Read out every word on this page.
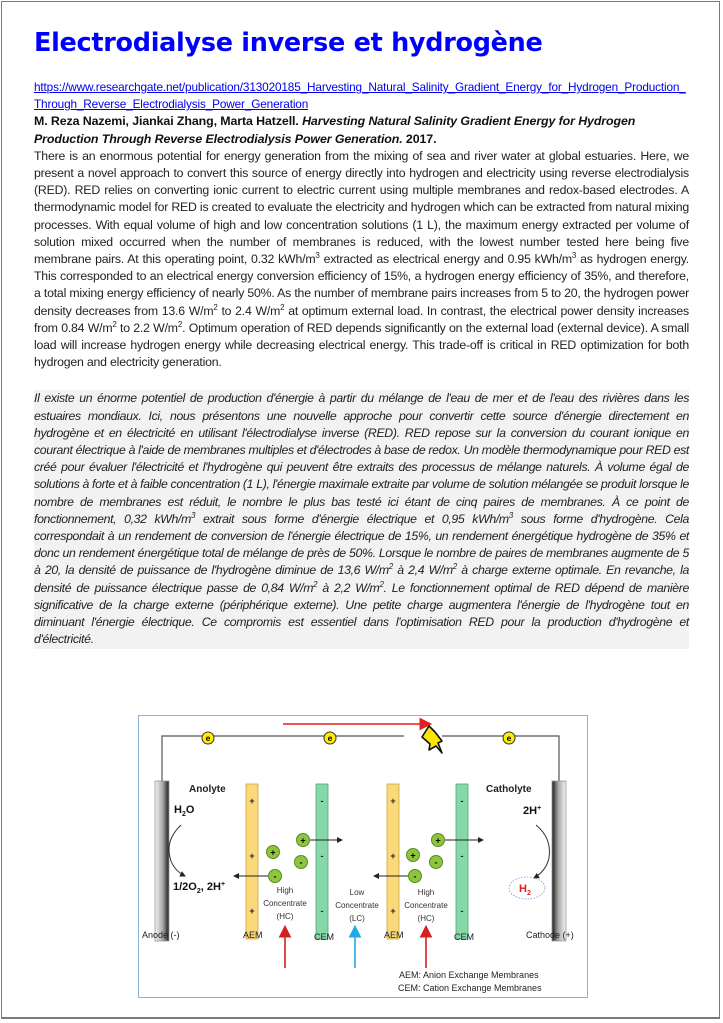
Electrodialyse inverse et hydrogène
https://www.researchgate.net/publication/313020185_Harvesting_Natural_Salinity_Gradient_Energy_for_Hydrogen_Production_Through_Reverse_Electrodialysis_Power_Generation
M. Reza Nazemi, Jiankai Zhang, Marta Hatzell. Harvesting Natural Salinity Gradient Energy for Hydrogen Production Through Reverse Electrodialysis Power Generation. 2017.

There is an enormous potential for energy generation from the mixing of sea and river water at global estuaries. Here, we present a novel approach to convert this source of energy directly into hydrogen and electricity using reverse electrodialysis (RED). RED relies on converting ionic current to electric current using multiple membranes and redox-based electrodes. A thermodynamic model for RED is created to evaluate the electricity and hydrogen which can be extracted from natural mixing processes. With equal volume of high and low concentration solutions (1 L), the maximum energy extracted per volume of solution mixed occurred when the number of membranes is reduced, with the lowest number tested here being five membrane pairs. At this operating point, 0.32 kWh/$m^3$ extracted as electrical energy and 0.95 kWh/$m^3$ as hydrogen energy. This corresponded to an electrical energy conversion efficiency of 15%, a hydrogen energy efficiency of 35%, and therefore, a total mixing energy efficiency of nearly 50%. As the number of membrane pairs increases from 5 to 20, the hydrogen power density decreases from 13.6 $W/m^2$ to 2.4 $W/m^2$ at optimum external load. In contrast, the electrical power density increases from 0.84 $W/m^2$ to 2.2 $W/m^2$. Optimum operation of RED depends significantly on the external load (external device). A small load will increase hydrogen energy while decreasing electrical energy. This trade-off is critical in RED optimization for both hydrogen and electricity generation.

Il existe un énorme potentiel de production d'énergie à partir du mélange de l'eau de mer et de l'eau des rivières dans les estuaires mondiaux. Ici, nous présentons une nouvelle approche pour convertir cette source d'énergie directement en hydrogène et en électricité en utilisant l'électrodialyse inverse (RED). RED repose sur la conversion du courant ionique en courant électrique à l'aide de membranes multiples et d'électrodes à base de redox. Un modèle thermodynamique pour RED est créé pour évaluer l'électricité et l'hydrogène qui peuvent être extraits des processus de mélange naturels. À volume égal de solutions à forte et à faible concentration (1 L), l'énergie maximale extraite par volume de solution mélangée se produit lorsque le nombre de membranes est réduit, le nombre le plus bas testé ici étant de cinq paires de membranes. À ce point de fonctionnement, 0,32 kWh/$m^3$ extrait sous forme d'énergie électrique et 0,95 kWh/$m^3$ sous forme d'hydrogène. Cela correspondait à un rendement de conversion de l'énergie électrique de 15%, un rendement énergétique hydrogène de 35% et donc un rendement énergétique total de mélange de près de 50%. Lorsque le nombre de paires de membranes augmente de 5 à 20, la densité de puissance de l'hydrogène diminue de 13,6 $W/m^2$ à 2,4 $W/m^2$ à charge externe optimale. En revanche, la densité de puissance électrique passe de 0,84 $W/m^2$ à 2,2 $W/m^2$. Le fonctionnement optimal de RED dépend de manière significative de la charge externe (périphérique externe). Une petite charge augmentera l'énergie de l'hydrogène tout en diminuant l'énergie électrique. Ce compromis est essentiel dans l'optimisation RED pour la production d'hydrogène et d'électricité.

e	e	e
+
+
+
-
-
-
+
+
+
-
-
-
+
+
-
-
+
+
-
-
Anolyte
$H_2O$
$1/2O_2$, 2H+
Catholyte
2H+
$H_2$
High
Concentrate
(HC)
Low
Concentrate
(LC)
High
Concentrate
(HC)
Anode (-)	AEM	CEM	AEM	CEM	Cathode (+)
AEM: Anion Exchange Membranes
CEM: Cation Exchange Membranes
